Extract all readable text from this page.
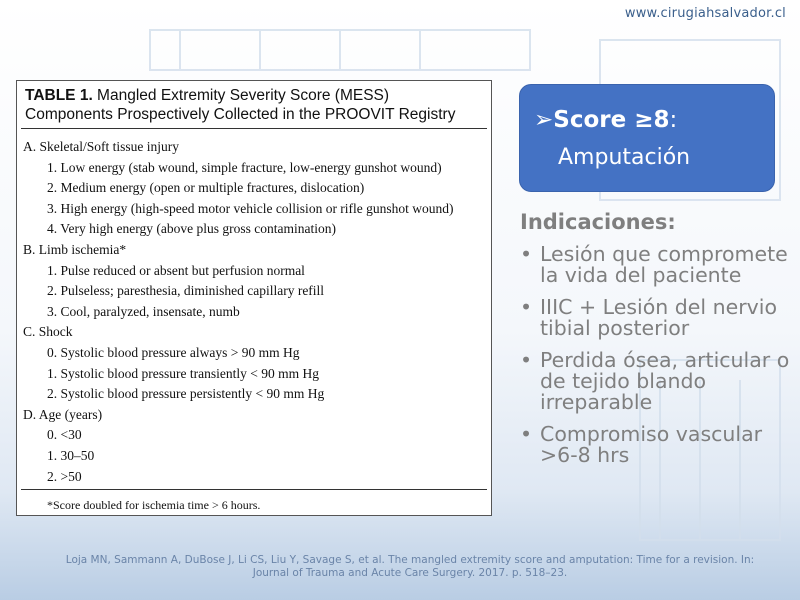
www.cirugiahsalvador.cl
TABLE 1. Mangled Extremity Severity Score (MESS)
Components Prospectively Collected in the PROOVIT Registry
A. Skeletal/Soft tissue injury
1. Low energy (stab wound, simple fracture, low-energy gunshot wound)
2. Medium energy (open or multiple fractures, dislocation)
3. High energy (high-speed motor vehicle collision or rifle gunshot wound)
4. Very high energy (above plus gross contamination)
B. Limb ischemia*
1. Pulse reduced or absent but perfusion normal
2. Pulseless; paresthesia, diminished capillary refill
3. Cool, paralyzed, insensate, numb
C. Shock
0. Systolic blood pressure always > 90 mm Hg
1. Systolic blood pressure transiently < 90 mm Hg
2. Systolic blood pressure persistently < 90 mm Hg
D. Age (years)
0. <30
1. 30–50
2. >50
*Score doubled for ischemia time > 6 hours.
➢Score ≥8:
Amputación
Indicaciones:
• Lesión que compromete la vida del paciente
• IIIC + Lesión del nervio tibial posterior
• Perdida ósea, articular o de tejido blando irreparable
• Compromiso vascular >6-8 hrs
Loja MN, Sammann A, DuBose J, Li CS, Liu Y, Savage S, et al. The mangled extremity score and amputation: Time for a revision. In: Journal of Trauma and Acute Care Surgery. 2017. p. 518–23.
